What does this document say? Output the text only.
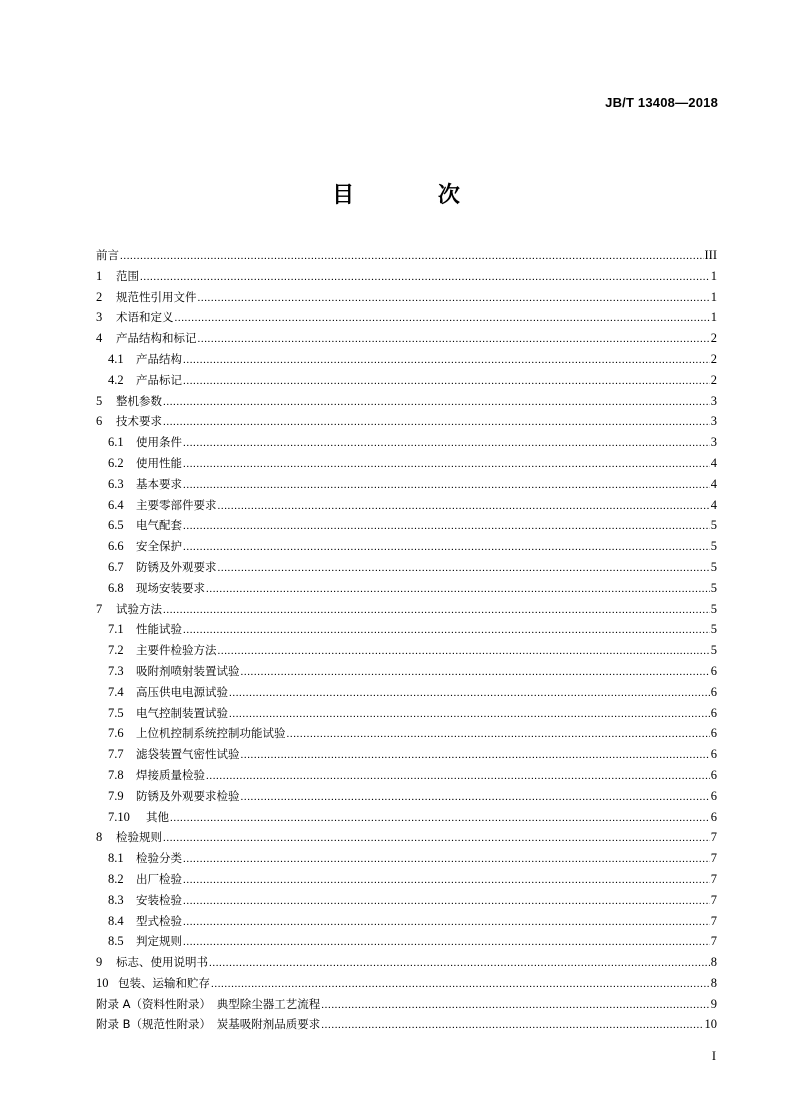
JB/T 13408—2018
目 次
前言 .....	III
1	范围 .....	1
2	规范性引用文件 .....	1
3	术语和定义 .....	1
4	产品结构和标记 .....	2
4.1	产品结构 .....	2
4.2	产品标记 .....	2
5	整机参数 .....	3
6	技术要求 .....	3
6.1	使用条件 .....	3
6.2	使用性能 .....	4
6.3	基本要求 .....	4
6.4	主要零部件要求 .....	4
6.5	电气配套 .....	5
6.6	安全保护 .....	5
6.7	防锈及外观要求 .....	5
6.8	现场安装要求 .....	5
7	试验方法 .....	5
7.1	性能试验 .....	5
7.2	主要件检验方法 .....	5
7.3	吸附剂喷射装置试验 .....	6
7.4	高压供电电源试验 .....	6
7.5	电气控制装置试验 .....	6
7.6	上位机控制系统控制功能试验 .....	6
7.7	滤袋装置气密性试验 .....	6
7.8	焊接质量检验 .....	6
7.9	防锈及外观要求检验 .....	6
7.10	其他 .....	6
8	检验规则 .....	7
8.1	检验分类 .....	7
8.2	出厂检验 .....	7
8.3	安装检验 .....	7
8.4	型式检验 .....	7
8.5	判定规则 .....	7
9	标志、使用说明书 .....	8
10 包装、运输和贮存 .....	8
附录 A（资料性附录）　典型除尘器工艺流程 .....	9
附录 B（规范性附录）　炭基吸附剂品质要求 .....	10
I
